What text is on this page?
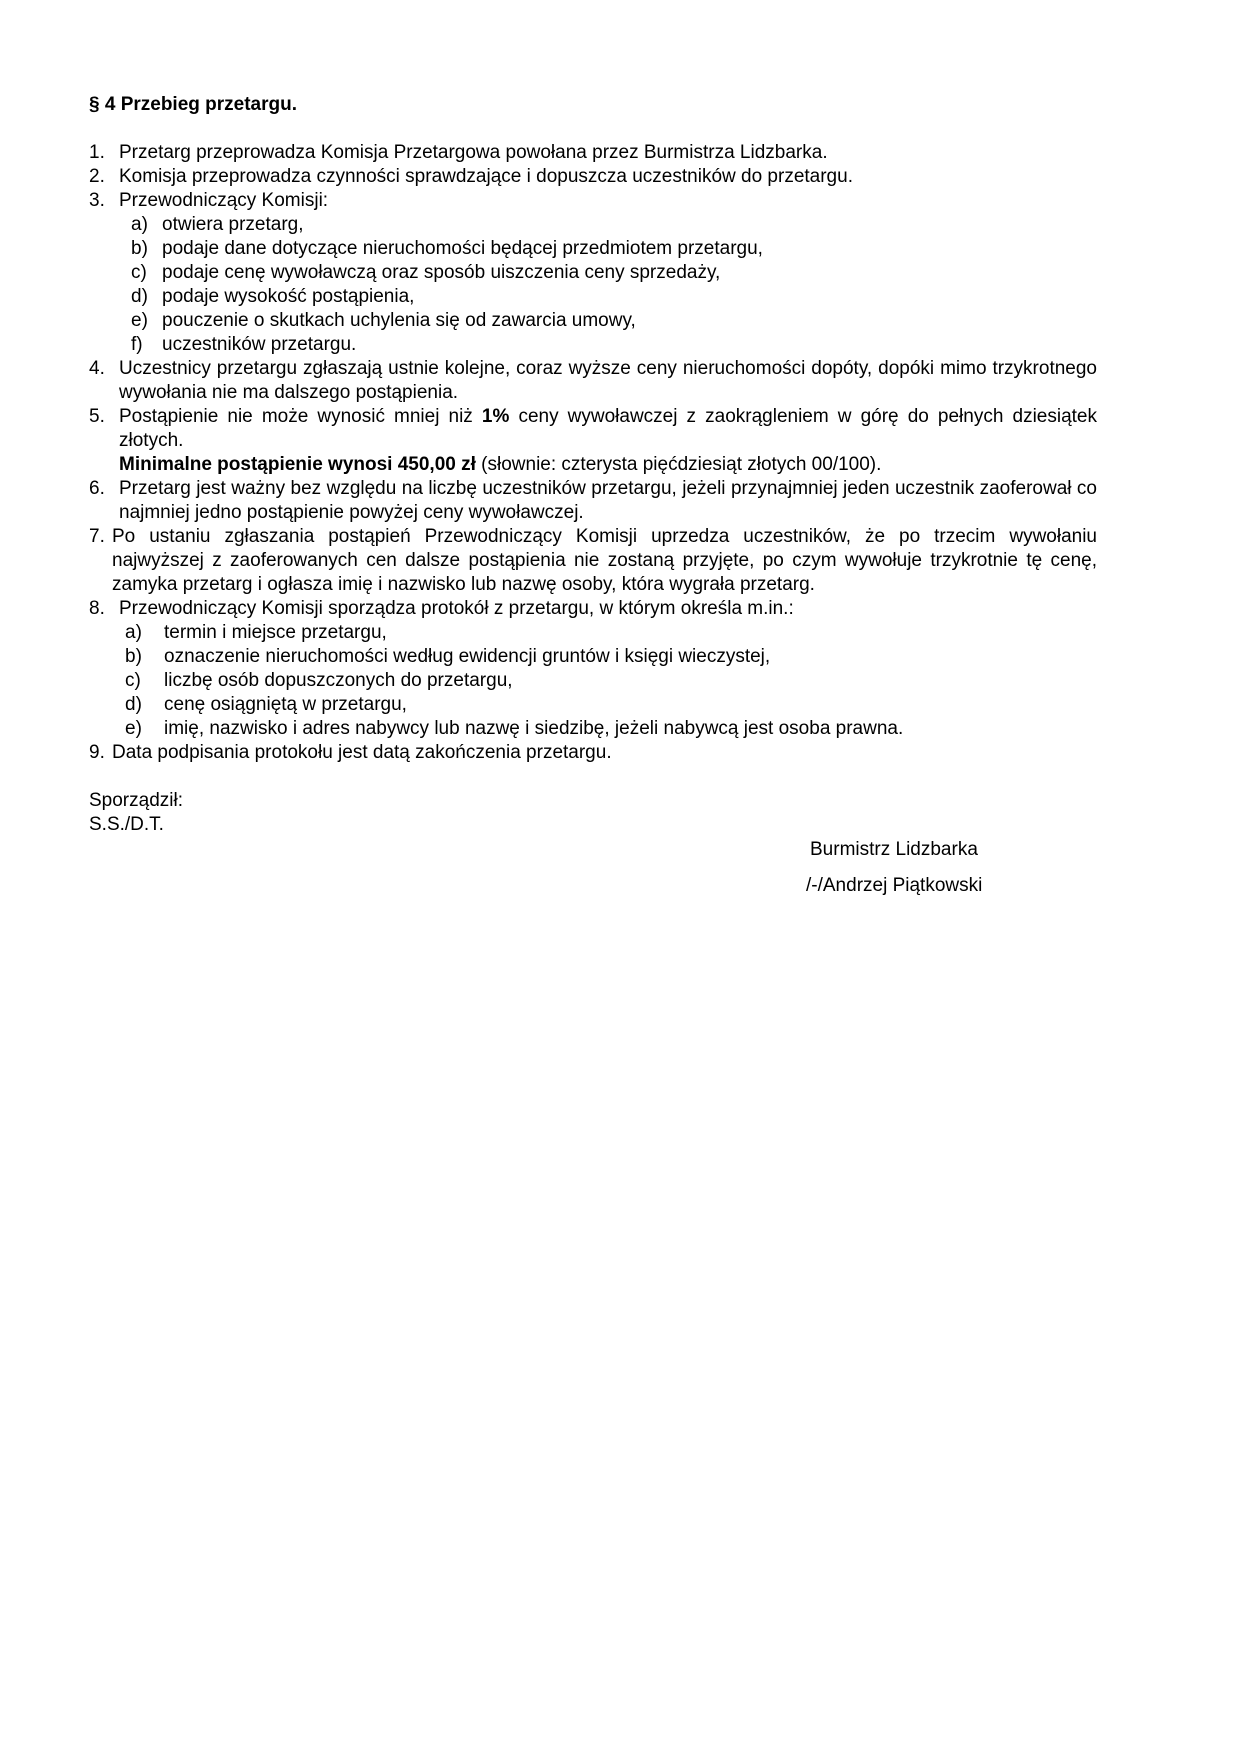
§ 4 Przebieg przetargu.
1. Przetarg przeprowadza Komisja Przetargowa powołana przez Burmistrza Lidzbarka.
2. Komisja przeprowadza czynności sprawdzające i dopuszcza uczestników do przetargu.
3. Przewodniczący Komisji:
a) otwiera przetarg,
b) podaje dane dotyczące nieruchomości będącej przedmiotem przetargu,
c) podaje cenę wywoławczą oraz sposób uiszczenia ceny sprzedaży,
d) podaje wysokość postąpienia,
e) pouczenie o skutkach uchylenia się od zawarcia umowy,
f) uczestników przetargu.
4. Uczestnicy przetargu zgłaszają ustnie kolejne, coraz wyższe ceny nieruchomości dopóty, dopóki mimo trzykrotnego wywołania nie ma dalszego postąpienia.
5. Postąpienie nie może wynosić mniej niż 1% ceny wywoławczej z zaokrągleniem w górę do pełnych dziesiątek złotych.
Minimalne postąpienie wynosi 450,00 zł (słownie: czterysta pięćdziesiąt złotych 00/100).
6. Przetarg jest ważny bez względu na liczbę uczestników przetargu, jeżeli przynajmniej jeden uczestnik zaoferował co najmniej jedno postąpienie powyżej ceny wywoławczej.
7. Po ustaniu zgłaszania postąpień Przewodniczący Komisji uprzedza uczestników, że po trzecim wywołaniu najwyższej z zaoferowanych cen dalsze postąpienia nie zostaną przyjęte, po czym wywołuje trzykrotnie tę cenę, zamyka przetarg i ogłasza imię i nazwisko lub nazwę osoby, która wygrała przetarg.
8. Przewodniczący Komisji sporządza protokół z przetargu, w którym określa m.in.:
a) termin i miejsce przetargu,
b) oznaczenie nieruchomości według ewidencji gruntów i księgi wieczystej,
c) liczbę osób dopuszczonych do przetargu,
d) cenę osiągniętą w przetargu,
e) imię, nazwisko i adres nabywcy lub nazwę i siedzibę, jeżeli nabywcą jest osoba prawna.
9. Data podpisania protokołu jest datą zakończenia przetargu.
Sporządził:
S.S./D.T.
Burmistrz Lidzbarka
/-/Andrzej Piątkowski
